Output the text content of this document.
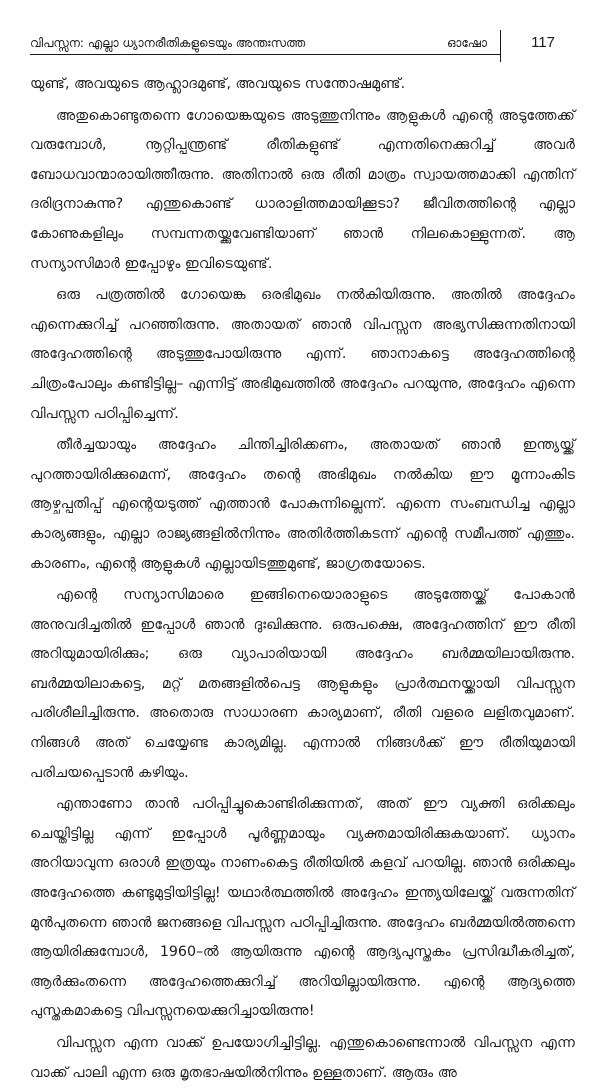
വിപസ്സന: എല്ലാ ധ്യാനരീതികളുടെയും അന്തഃസത്ത	ഓഷോ	117

യുണ്ട്, അവയുടെ ആഹ്ലാദമുണ്ട്, അവയുടെ സന്തോഷമുണ്ട്.

അതുകൊണ്ടുതന്നെ ഗോയെങ്കയുടെ അടുത്തുനിന്നും ആളുകൾ എന്റെ അടുത്തേക്ക് വരുമ്പോൾ, നൂറ്റിപ്പന്ത്രണ്ട് രീതികളുണ്ട് എന്നതിനെക്കുറിച്ച് അവർ ബോധവാന്മാരായിത്തീരുന്നു. അതിനാൽ ഒരു രീതി മാത്രം സ്വായത്തമാക്കി എന്തിന് ദരിദ്രനാകുന്നു? എന്തുകൊണ്ട് ധാരാളിത്തമായിക്കൂടാ? ജീവിതത്തിന്റെ എല്ലാ കോണുകളിലും സമ്പന്നതയ്ക്കുവേണ്ടിയാണ് ഞാൻ നിലകൊള്ളുന്നത്. ആ സന്യാസിമാർ ഇപ്പോഴും ഇവിടെയുണ്ട്.

ഒരു പത്രത്തിൽ ഗോയെങ്ക ഒരഭിമുഖം നൽകിയിരുന്നു. അതിൽ അദ്ദേഹം എന്നെക്കുറിച്ച് പറഞ്ഞിരുന്നു. അതായത് ഞാൻ വിപസ്സന അഭ്യസിക്കുന്നതിനായി അദ്ദേഹത്തിന്റെ അടുത്തുപോയിരുന്നു എന്ന്. ഞാനാകട്ടെ അദ്ദേഹത്തിന്റെ ചിത്രംപോലും കണ്ടിട്ടില്ല– എന്നിട്ട് അഭിമുഖത്തിൽ അദ്ദേഹം പറയുന്നു, അദ്ദേഹം എന്നെ വിപസ്സന പഠിപ്പിച്ചെന്ന്.

തീർച്ചയായും അദ്ദേഹം ചിന്തിച്ചിരിക്കണം, അതായത് ഞാൻ ഇന്ത്യയ്ക്ക് പുറത്തായിരിക്കുമെന്ന്, അദ്ദേഹം തന്റെ അഭിമുഖം നൽകിയ ഈ മൂന്നാംകിട ആഴ്ചപ്പതിപ്പ് എന്റെയടുത്ത് എത്താൻ പോകുന്നില്ലെന്ന്. എന്നെ സംബന്ധിച്ച എല്ലാ കാര്യങ്ങളും, എല്ലാ രാജ്യങ്ങളിൽനിന്നും അതിർത്തികടന്ന് എന്റെ സമീപത്ത് എത്തും. കാരണം, എന്റെ ആളുകൾ എല്ലായിടത്തുമുണ്ട്, ജാഗ്രതയോടെ.

എന്റെ സന്യാസിമാരെ ഇങ്ങിനെയൊരാളുടെ അടുത്തേയ്ക്ക് പോകാൻ അനുവദിച്ചതിൽ ഇപ്പോൾ ഞാൻ ദുഃഖിക്കുന്നു. ഒരുപക്ഷെ, അദ്ദേഹത്തിന് ഈ രീതി അറിയുമായിരിക്കും; ഒരു വ്യാപാരിയായി അദ്ദേഹം ബർമ്മയിലായിരുന്നു. ബർമ്മയിലാകട്ടെ, മറ്റ് മതങ്ങളിൽപെട്ട ആളുകളും പ്രാർത്ഥനയ്ക്കായി വിപസ്സന പരിശീലിച്ചിരുന്നു. അതൊരു സാധാരണ കാര്യമാണ്, രീതി വളരെ ലളിതവുമാണ്. നിങ്ങൾ അത് ചെയ്യേണ്ട കാര്യമില്ല. എന്നാൽ നിങ്ങൾക്ക് ഈ രീതിയുമായി പരിചയപ്പെടാൻ കഴിയും.

എന്താണോ താൻ പഠിപ്പിച്ചുകൊണ്ടിരിക്കുന്നത്, അത് ഈ വ്യക്തി ഒരിക്കലും ചെയ്തിട്ടില്ല എന്ന് ഇപ്പോൾ പൂർണ്ണമായും വ്യക്തമായിരിക്കുകയാണ്. ധ്യാനം അറിയാവുന്ന ഒരാൾ ഇത്രയും നാണംകെട്ട രീതിയിൽ കളവ് പറയില്ല. ഞാൻ ഒരിക്കലും അദ്ദേഹത്തെ കണ്ടുമുട്ടിയിട്ടില്ല! യഥാർത്ഥത്തിൽ അദ്ദേഹം ഇന്ത്യയിലേയ്ക്ക് വരുന്നതിന് മുൻപുതന്നെ ഞാൻ ജനങ്ങളെ വിപസ്സന പഠിപ്പിച്ചിരുന്നു. അദ്ദേഹം ബർമ്മയിൽത്തന്നെ ആയിരിക്കുമ്പോൾ, 1960–ൽ ആയിരുന്നു എന്റെ ആദ്യപുസ്തകം പ്രസിദ്ധീകരിച്ചത്, ആർക്കുംതന്നെ അദ്ദേഹത്തെക്കുറിച്ച് അറിയില്ലായിരുന്നു. എന്റെ ആദ്യത്തെ പുസ്തകമാകട്ടെ വിപസ്സനയെക്കുറിച്ചായിരുന്നു!

വിപസ്സന എന്ന വാക്ക് ഉപയോഗിച്ചിട്ടില്ല. എന്തുകൊണ്ടെന്നാൽ വിപസ്സന എന്ന വാക്ക് പാലി എന്ന ഒരു മൃതഭാഷയിൽനിന്നും ഉള്ളതാണ്. ആരും അ
